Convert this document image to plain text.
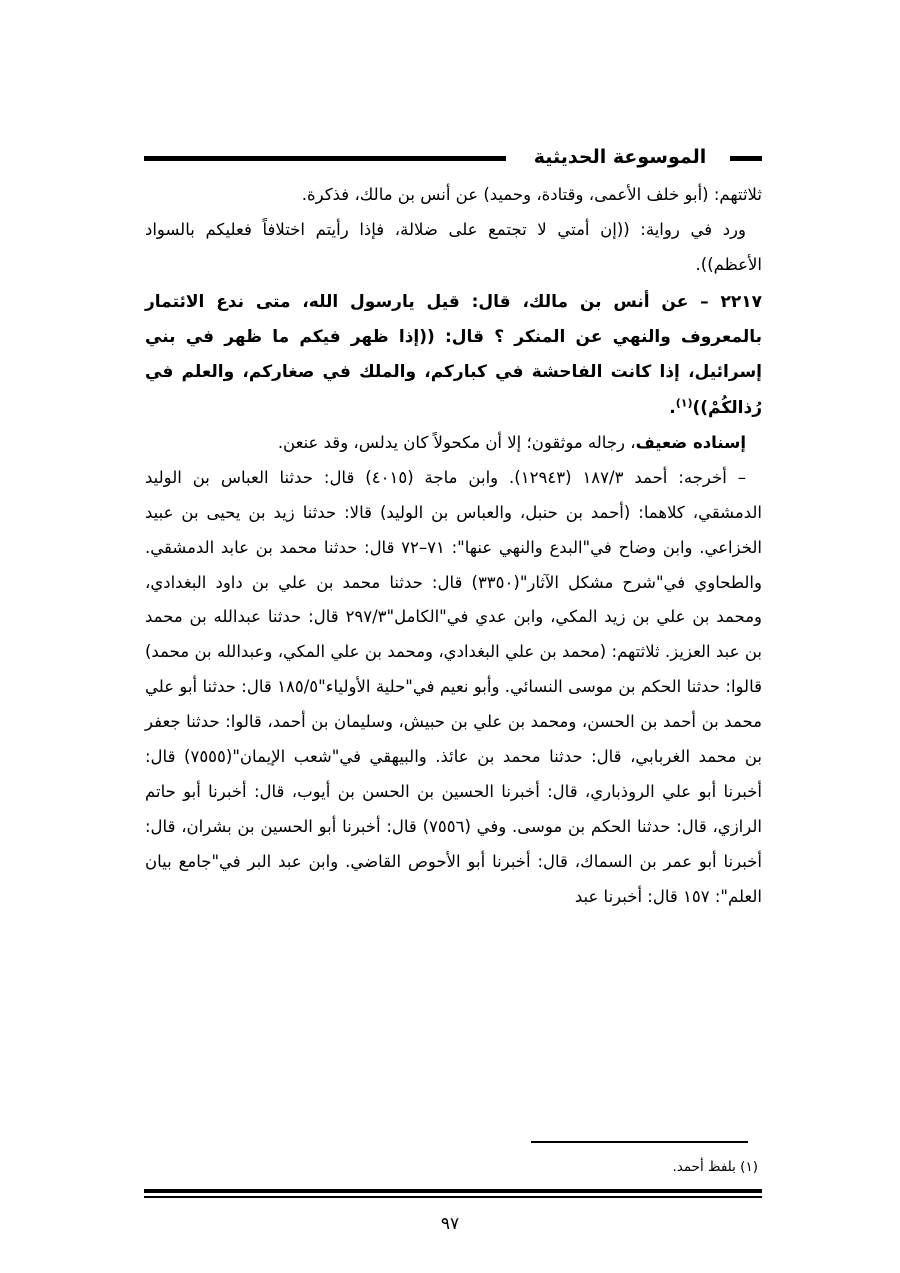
الموسوعة الحديثية

ثلاثتهم: (أبو خلف الأعمى، وقتادة، وحميد) عن أنس بن مالك، فذكرة.

ورد في رواية: ((إن أمتي لا تجتمع على ضلالة، فإذا رأيتم اختلافاً فعليكم بالسواد الأعظم)).

٢٢١٧ – عن أنس بن مالك، قال: قيل يارسول الله، متى ندع الائتمار بالمعروف والنهي عن المنكر ؟ قال: ((إذا ظهر فيكم ما ظهر في بني إسرائيل، إذا كانت الفاحشة في كباركم، والملك في صغاركم، والعلم في رُذالكُمْ))$^{(١)}$.

إسناده ضعيف، رجاله موثقون؛ إلا أن مكحولاً كان يدلس، وقد عنعن.

– أخرجه: أحمد ١٨٧/٣ (١٢٩٤٣). وابن ماجة (٤٠١٥) قال: حدثنا العباس بن الوليد الدمشقي، كلاهما: (أحمد بن حنبل، والعباس بن الوليد) قالا: حدثنا زيد بن يحيى بن عبيد الخزاعي. وابن وضاح في"البدع والنهي عنها": ٧١–٧٢ قال: حدثنا محمد بن عابد الدمشقي. والطحاوي في"شرح مشكل الآثار"(٣٣٥٠) قال: حدثنا محمد بن علي بن داود البغدادي، ومحمد بن علي بن زيد المكي، وابن عدي في"الكامل"٢٩٧/٣ قال: حدثنا عبدالله بن محمد بن عبد العزيز. ثلاثتهم: (محمد بن علي البغدادي، ومحمد بن علي المكي، وعبدالله بن محمد) قالوا: حدثنا الحكم بن موسى النسائي. وأبو نعيم في"حلية الأولياء"١٨٥/٥ قال: حدثنا أبو علي محمد بن أحمد بن الحسن، ومحمد بن علي بن حبيش، وسليمان بن أحمد، قالوا: حدثنا جعفر بن محمد الغربابي، قال: حدثنا محمد بن عائذ. والبيهقي في"شعب الإيمان"(٧٥٥٥) قال: أخبرنا أبو علي الروذباري، قال: أخبرنا الحسين بن الحسن بن أيوب، قال: أخبرنا أبو حاتم الرازي، قال: حدثنا الحكم بن موسى. وفي (٧٥٥٦) قال: أخبرنا أبو الحسين بن بشران، قال: أخبرنا أبو عمر بن السماك، قال: أخبرنا أبو الأحوص القاضي. وابن عبد البر في"جامع بيان العلم": ١٥٧ قال: أخبرنا عبد

(١) بلفظ أحمد.
٩٧
